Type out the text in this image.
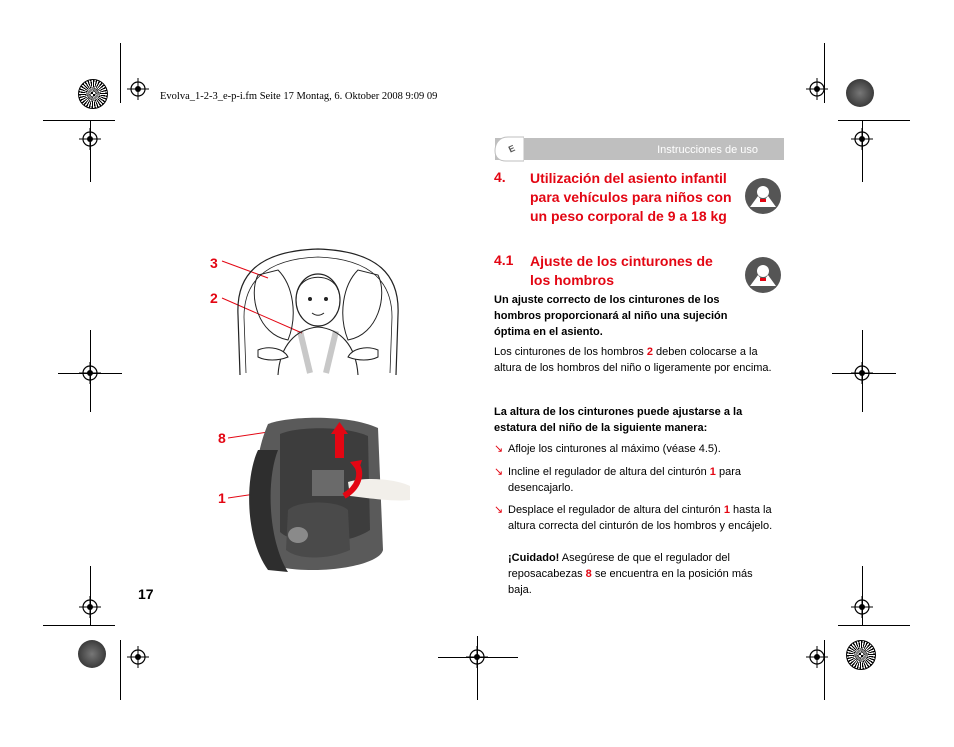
Evolva_1-2-3_e-p-i.fm Seite 17 Montag, 6. Oktober 2008 9:09 09
E	Instrucciones de uso
4. Utilización del asiento infantil para vehículos para niños con un peso corporal de 9 a 18 kg
4.1 Ajuste de los cinturones de los hombros
Un ajuste correcto de los cinturones de los hombros proporcionará al niño una sujeción óptima en el asiento.
Los cinturones de los hombros 2 deben colocarse a la altura de los hombros del niño o ligeramente por encima.
La altura de los cinturones puede ajustarse a la estatura del niño de la siguiente manera:
↘ Afloje los cinturones al máximo (véase 4.5).
↘ Incline el regulador de altura del cinturón 1 para desencajarlo.
↘ Desplace el regulador de altura del cinturón 1 hasta la altura correcta del cinturón de los hombros y encájelo.
¡Cuidado! Asegúrese de que el regulador del reposacabezas 8 se encuentra en la posición más baja.
3
2
8
1
17
